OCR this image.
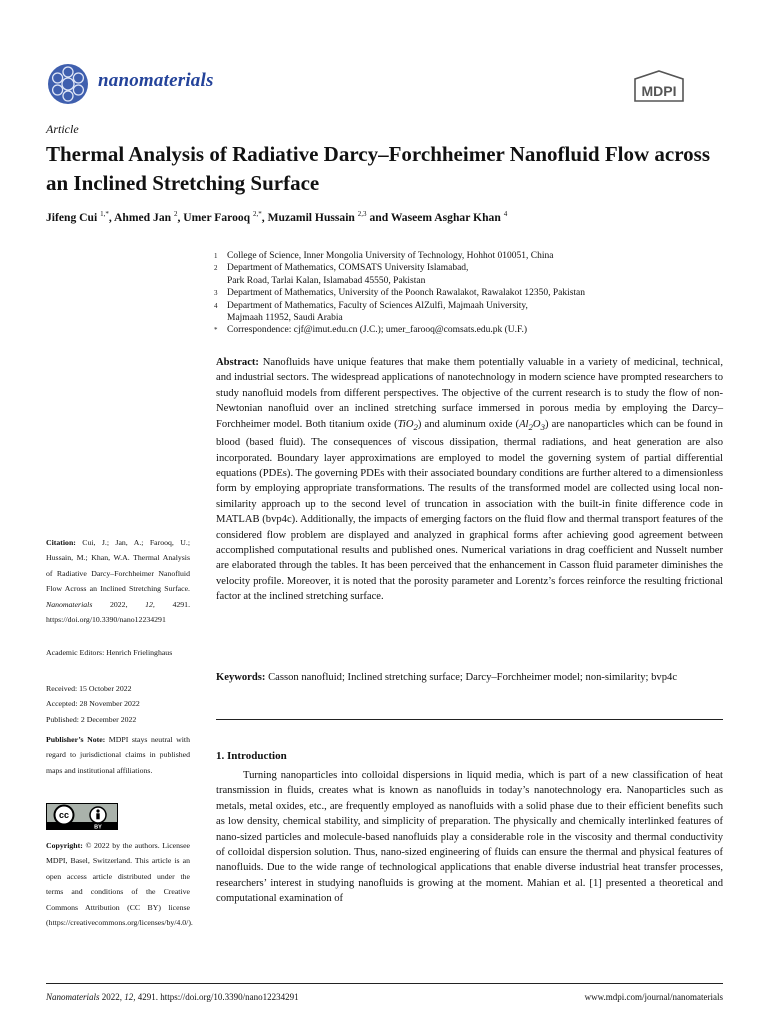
nanomaterials	MDPI
Article
Thermal Analysis of Radiative Darcy–Forchheimer Nanofluid Flow across an Inclined Stretching Surface
Jifeng Cui $^{1,*}$, Ahmed Jan $^2$, Umer Farooq $^{2,*}$, Muzamil Hussain $^{2,3}$ and Waseem Asghar Khan $^4$
1	College of Science, Inner Mongolia University of Technology, Hohhot 010051, China
2	Department of Mathematics, COMSATS University Islamabad,
Park Road, Tarlai Kalan, Islamabad 45550, Pakistan
3	Department of Mathematics, University of the Poonch Rawalakot, Rawalakot 12350, Pakistan
4	Department of Mathematics, Faculty of Sciences AlZulfi, Majmaah University,
Majmaah 11952, Saudi Arabia
*	Correspondence: cjf@imut.edu.cn (J.C.); umer_farooq@comsats.edu.pk (U.F.)
Abstract: Nanofluids have unique features that make them potentially valuable in a variety of medicinal, technical, and industrial sectors. The widespread applications of nanotechnology in modern science have prompted researchers to study nanofluid models from different perspectives. The objective of the current research is to study the flow of non-Newtonian nanofluid over an inclined stretching surface immersed in porous media by employing the Darcy–Forchheimer model. Both titanium oxide (TiO$_2$) and aluminum oxide $(Al_2O_3)$ are nanoparticles which can be found in blood (based fluid). The consequences of viscous dissipation, thermal radiations, and heat generation are also incorporated. Boundary layer approximations are employed to model the governing system of partial differential equations (PDEs). The governing PDEs with their associated boundary conditions are further altered to a dimensionless form by employing appropriate transformations. The results of the transformed model are collected using local non-similarity approach up to the second level of truncation in association with the built-in finite difference code in MATLAB (bvp4c). Additionally, the impacts of emerging factors on the fluid flow and thermal transport features of the considered flow problem are displayed and analyzed in graphical forms after achieving good agreement between accomplished computational results and published ones. Numerical variations in drag coefficient and Nusselt number are elaborated through the tables. It has been perceived that the enhancement in Casson fluid parameter diminishes the velocity profile. Moreover, it is noted that the porosity parameter and Lorentz’s forces reinforce the resulting frictional factor at the inclined stretching surface.
Keywords: Casson nanofluid; Inclined stretching surface; Darcy–Forchheimer model; non-similarity; bvp4c
1. Introduction
Turning nanoparticles into colloidal dispersions in liquid media, which is part of a new classification of heat transmission in fluids, creates what is known as nanofluids in today’s nanotechnology era. Nanoparticles such as metals, metal oxides, etc., are frequently employed as nanofluids with a solid phase due to their efficient benefits such as low density, chemical stability, and simplicity of preparation. The physically and chemically interlinked features of nano-sized particles and molecule-based nanofluids play a considerable role in the viscosity and thermal conductivity of colloidal dispersion solution. Thus, nano-sized engineering of fluids can ensure the thermal and physical features of nanofluids. Due to the wide range of technological applications that enable diverse industrial heat transfer processes, researchers’ interest in studying nanofluids is growing at the moment. Mahian et al. [1] presented a theoretical and computational examination of
Citation: Cui, J.; Jan, A.; Farooq, U.; Hussain, M.; Khan, W.A. Thermal Analysis of Radiative Darcy–Forchheimer Nanofluid Flow Across an Inclined Stretching Surface. Nanomaterials 2022, 12, 4291. https://doi.org/10.3390/nano12234291
Academic Editors: Henrich Frielinghaus
Received: 15 October 2022
Accepted: 28 November 2022
Published: 2 December 2022
Publisher’s Note: MDPI stays neutral with regard to jurisdictional claims in published maps and institutional affiliations.
cc
BY
Copyright: © 2022 by the authors. Licensee MDPI, Basel, Switzerland. This article is an open access article distributed under the terms and conditions of the Creative Commons Attribution (CC BY) license (https://creativecommons.org/licenses/by/4.0/).
Nanomaterials 2022, 12, 4291. https://doi.org/10.3390/nano12234291	www.mdpi.com/journal/nanomaterials
